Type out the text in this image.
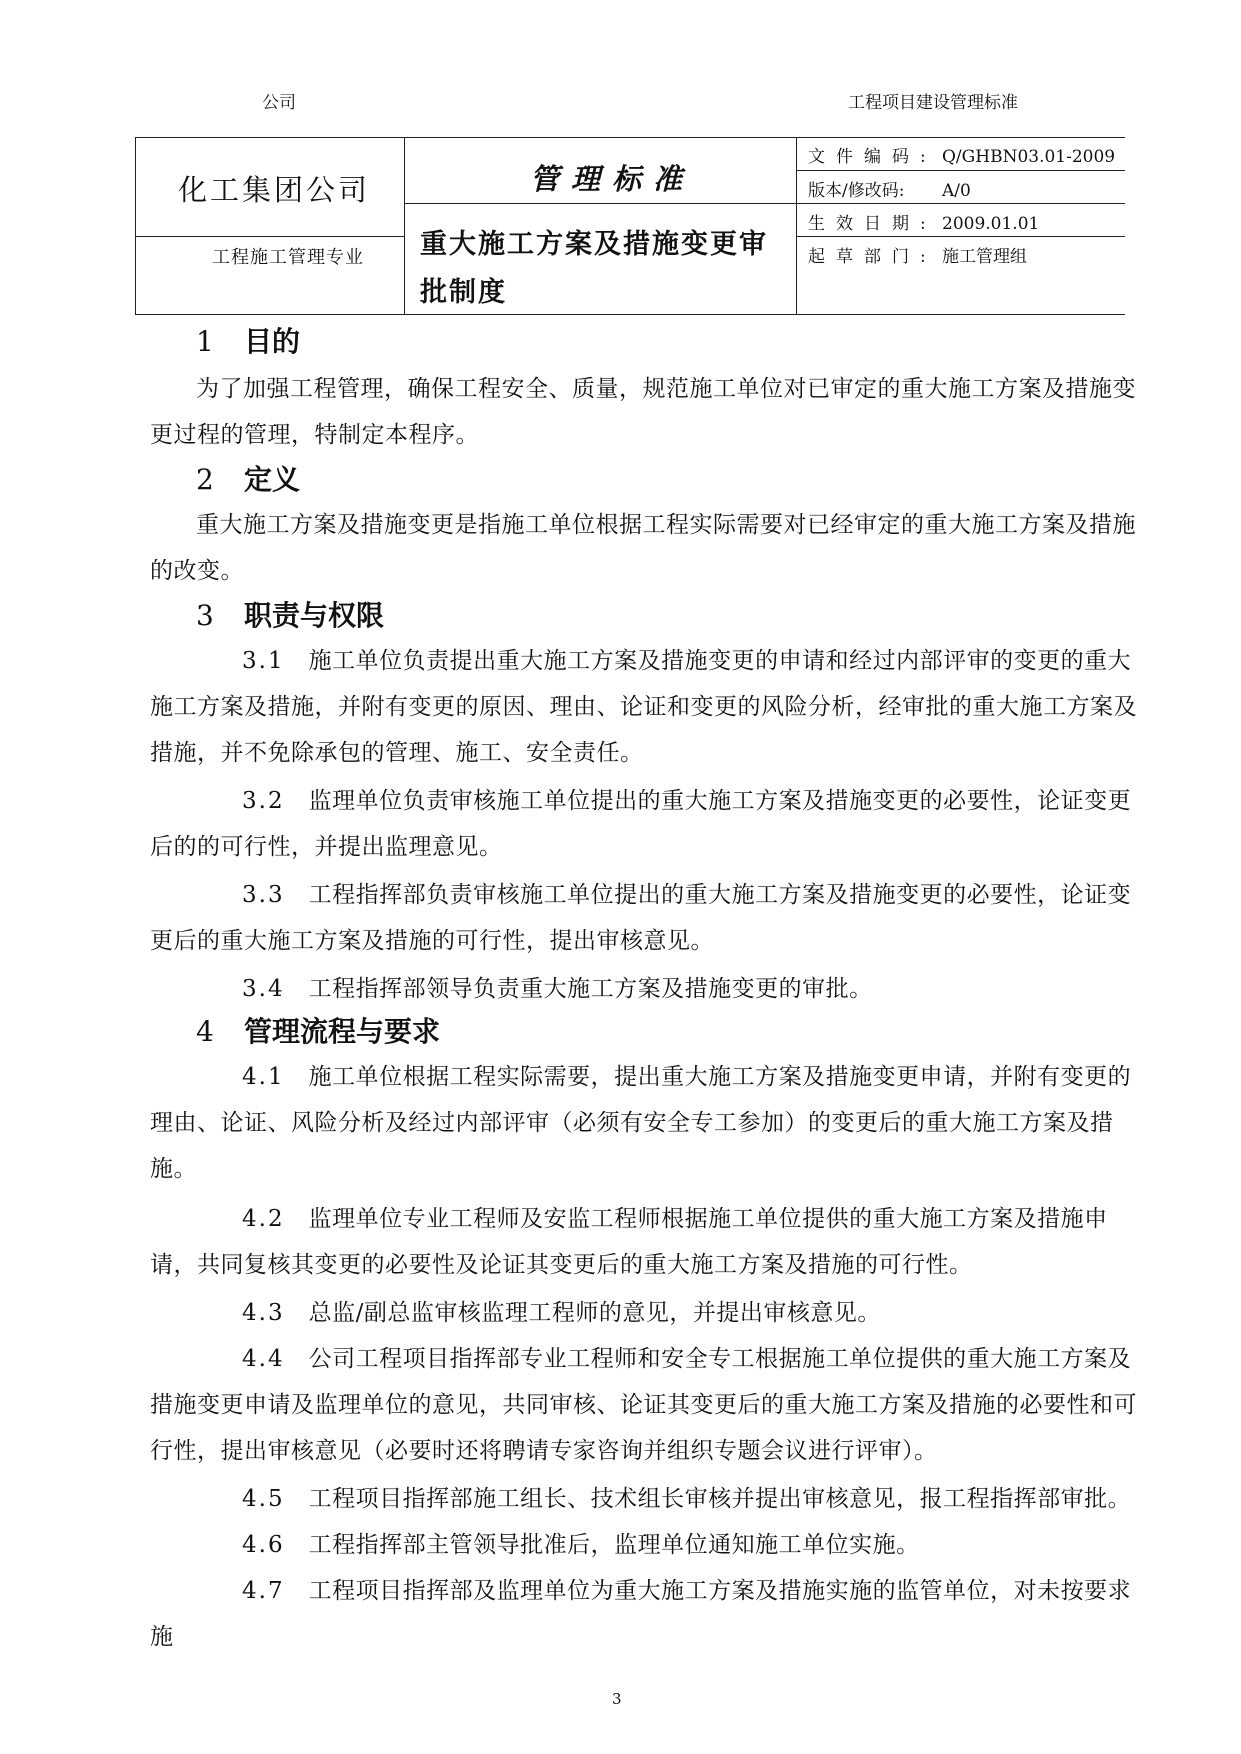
公司	工程项目建设管理标准
化工集团公司
工程施工管理专业
管理标准
重大施工方案及措施变更审
批制度
文件编码: Q/GHBN03.01-2009
版本/修改码: A/0
生效日期: 2009.01.01
起草部门: 施工管理组
1 目的
为了加强工程管理，确保工程安全、质量，规范施工单位对已审定的重大施工方案及措施变更过程的管理，特制定本程序。
2 定义
重大施工方案及措施变更是指施工单位根据工程实际需要对已经审定的重大施工方案及措施的改变。
3 职责与权限
3.1 施工单位负责提出重大施工方案及措施变更的申请和经过内部评审的变更的重大施工方案及措施，并附有变更的原因、理由、论证和变更的风险分析，经审批的重大施工方案及措施，并不免除承包的管理、施工、安全责任。
3.2 监理单位负责审核施工单位提出的重大施工方案及措施变更的必要性，论证变更后的的可行性，并提出监理意见。
3.3 工程指挥部负责审核施工单位提出的重大施工方案及措施变更的必要性，论证变更后的重大施工方案及措施的可行性，提出审核意见。
3.4 工程指挥部领导负责重大施工方案及措施变更的审批。
4 管理流程与要求
4.1 施工单位根据工程实际需要，提出重大施工方案及措施变更申请，并附有变更的理由、论证、风险分析及经过内部评审（必须有安全专工参加）的变更后的重大施工方案及措施。
4.2 监理单位专业工程师及安监工程师根据施工单位提供的重大施工方案及措施申请，共同复核其变更的必要性及论证其变更后的重大施工方案及措施的可行性。
4.3 总监/副总监审核监理工程师的意见，并提出审核意见。
4.4 公司工程项目指挥部专业工程师和安全专工根据施工单位提供的重大施工方案及措施变更申请及监理单位的意见，共同审核、论证其变更后的重大施工方案及措施的必要性和可行性，提出审核意见（必要时还将聘请专家咨询并组织专题会议进行评审）。
4.5 工程项目指挥部施工组长、技术组长审核并提出审核意见，报工程指挥部审批。
4.6 工程指挥部主管领导批准后，监理单位通知施工单位实施。
4.7 工程项目指挥部及监理单位为重大施工方案及措施实施的监管单位，对未按要求施
3
